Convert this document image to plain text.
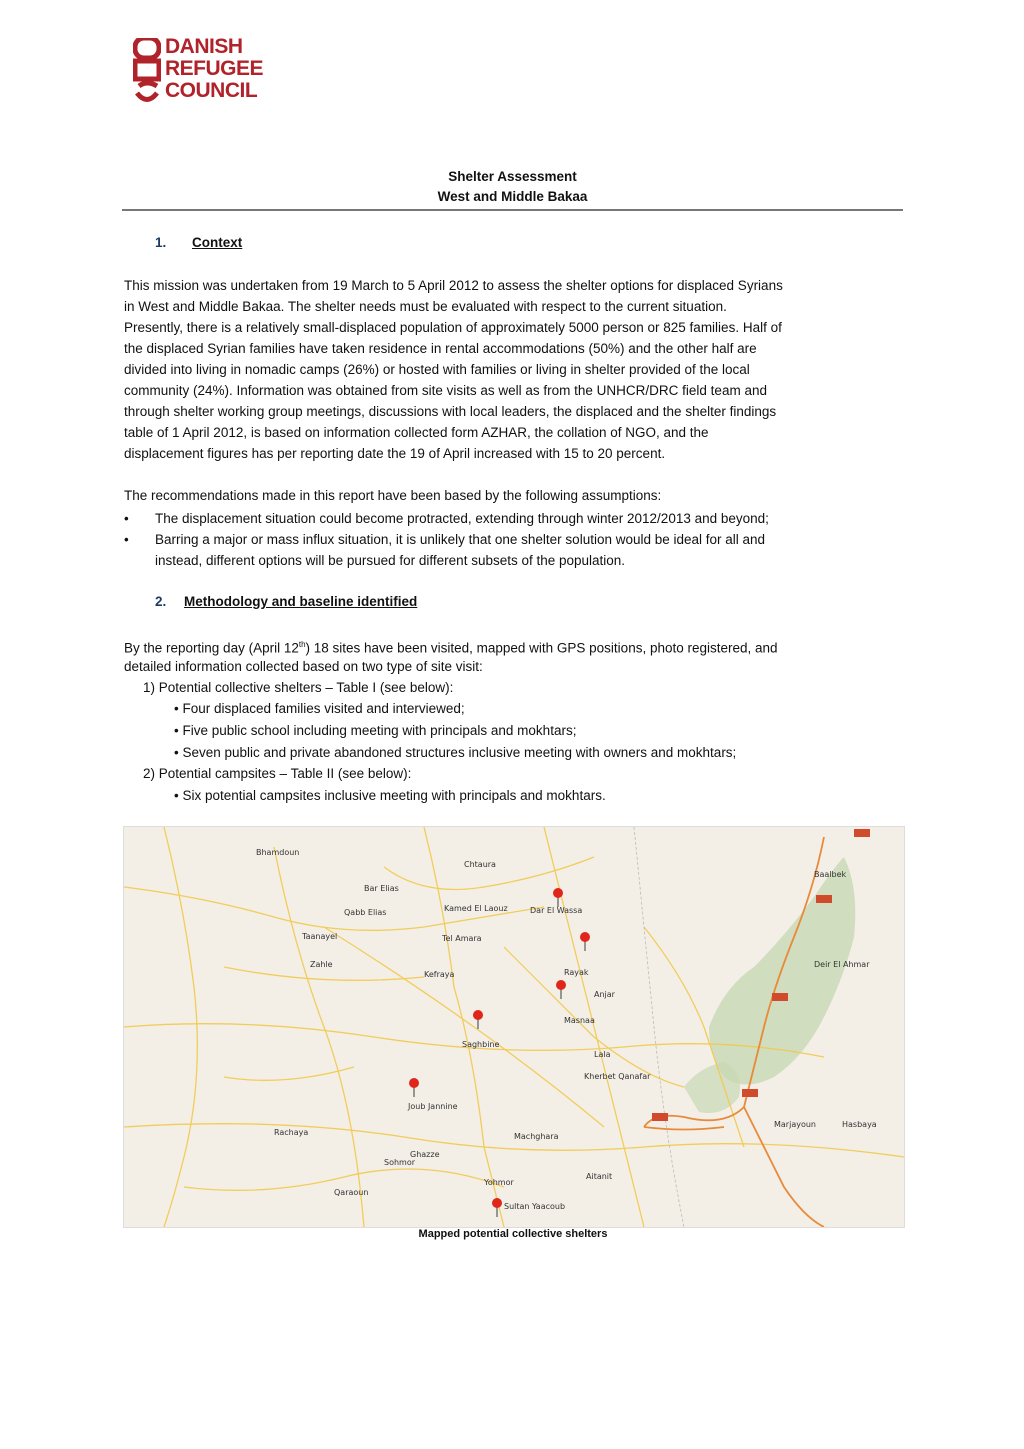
DANISH
REFUGEE
COUNCIL
Shelter Assessment
West and Middle Bakaa
1. Context
This mission was undertaken from 19 March to 5 April 2012 to assess the shelter options for displaced Syrians
in West and Middle Bakaa. The shelter needs must be evaluated with respect to the current situation.
Presently, there is a relatively small-displaced population of approximately 5000 person or 825 families. Half of
the displaced Syrian families have taken residence in rental accommodations (50%) and the other half are
divided into living in nomadic camps (26%) or hosted with families or living in shelter provided of the local
community (24%). Information was obtained from site visits as well as from the UNHCR/DRC field team and
through shelter working group meetings, discussions with local leaders, the displaced and the shelter findings
table of 1 April 2012, is based on information collected form AZHAR, the collation of NGO, and the
displacement figures has per reporting date the 19 of April increased with 15 to 20 percent.
The recommendations made in this report have been based by the following assumptions:
• The displacement situation could become protracted, extending through winter 2012/2013 and beyond;
• Barring a major or mass influx situation, it is unlikely that one shelter solution would be ideal for all and
instead, different options will be pursued for different subsets of the population.
2. Methodology and baseline identified
By the reporting day (April 12th) 18 sites have been visited, mapped with GPS positions, photo registered, and
detailed information collected based on two type of site visit:
1) Potential collective shelters – Table I (see below):
• Four displaced families visited and interviewed;
• Five public school including meeting with principals and mokhtars;
• Seven public and private abandoned structures inclusive meeting with owners and mokhtars;
2) Potential campsites – Table II (see below):
• Six potential campsites inclusive meeting with principals and mokhtars.
Bhamdoun
Chtaura
Dar El Wassa
Baalbek
Rayak
Zahle
Anjar
Masnaa
Kefraya
Joub Jannine
Machghara
Rachaya
Marjayoun	Hasbaya
Sohmor
Yohmor
Qaraoun
Deir El Ahmar
Tel Amara
Taanayel
Bar Elias
Kamed El Laouz
Saghbine
Aitanit
Qabb Elias
Ghazze
Sultan Yaacoub
Lala
Kherbet Qanafar
Mapped potential collective shelters
